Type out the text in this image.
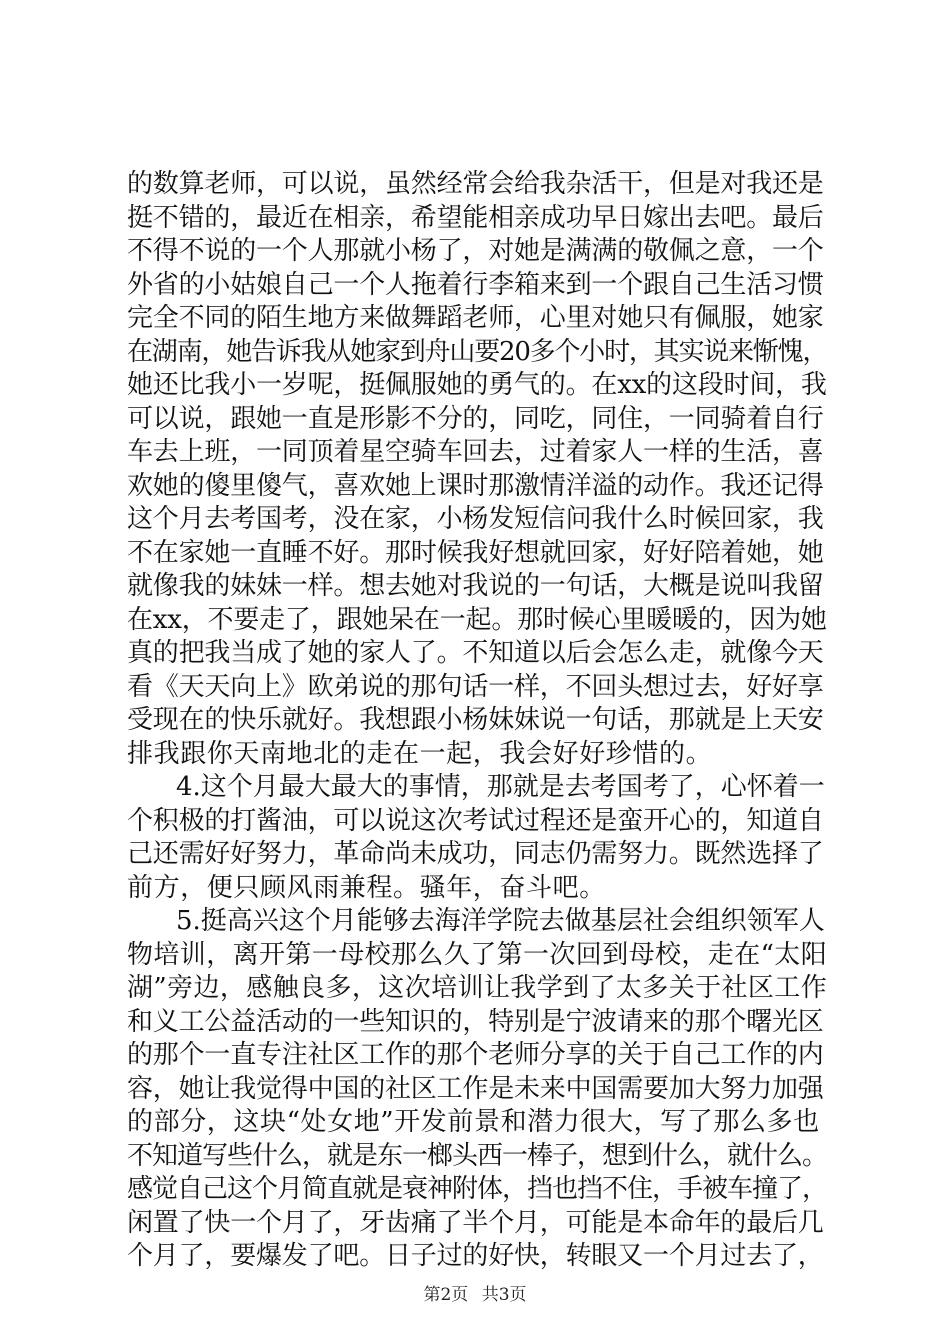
的数算老师，可以说，虽然经常会给我杂活干，但是对我还是
挺不错的，最近在相亲，希望能相亲成功早日嫁出去吧。最后
不得不说的一个人那就小杨了，对她是满满的敬佩之意，一个
外省的小姑娘自己一个人拖着行李箱来到一个跟自己生活习惯
完全不同的陌生地方来做舞蹈老师，心里对她只有佩服，她家
在湖南，她告诉我从她家到舟山要20多个小时，其实说来惭愧，
她还比我小一岁呢，挺佩服她的勇气的。在xx的这段时间，我
可以说，跟她一直是形影不分的，同吃，同住，一同骑着自行
车去上班，一同顶着星空骑车回去，过着家人一样的生活，喜
欢她的傻里傻气，喜欢她上课时那激情洋溢的动作。我还记得
这个月去考国考，没在家，小杨发短信问我什么时候回家，我
不在家她一直睡不好。那时候我好想就回家，好好陪着她，她
就像我的妹妹一样。想去她对我说的一句话，大概是说叫我留
在xx，不要走了，跟她呆在一起。那时候心里暖暖的，因为她
真的把我当成了她的家人了。不知道以后会怎么走，就像今天
看《天天向上》欧弟说的那句话一样，不回头想过去，好好享
受现在的快乐就好。我想跟小杨妹妹说一句话，那就是上天安
排我跟你天南地北的走在一起，我会好好珍惜的。
4.这个月最大最大的事情，那就是去考国考了，心怀着一
个积极的打酱油，可以说这次考试过程还是蛮开心的，知道自
己还需好好努力，革命尚未成功，同志仍需努力。既然选择了
前方，便只顾风雨兼程。骚年，奋斗吧。
5.挺高兴这个月能够去海洋学院去做基层社会组织领军人
物培训，离开第一母校那么久了第一次回到母校，走在“太阳
湖”旁边，感触良多，这次培训让我学到了太多关于社区工作
和义工公益活动的一些知识的，特别是宁波请来的那个曙光区
的那个一直专注社区工作的那个老师分享的关于自己工作的内
容，她让我觉得中国的社区工作是未来中国需要加大努力加强
的部分，这块“处女地”开发前景和潜力很大，写了那么多也
不知道写些什么，就是东一榔头西一棒子，想到什么，就什么。
感觉自己这个月简直就是衰神附体，挡也挡不住，手被车撞了，
闲置了快一个月了，牙齿痛了半个月，可能是本命年的最后几
个月了，要爆发了吧。日子过的好快，转眼又一个月过去了，
第2页 共3页
